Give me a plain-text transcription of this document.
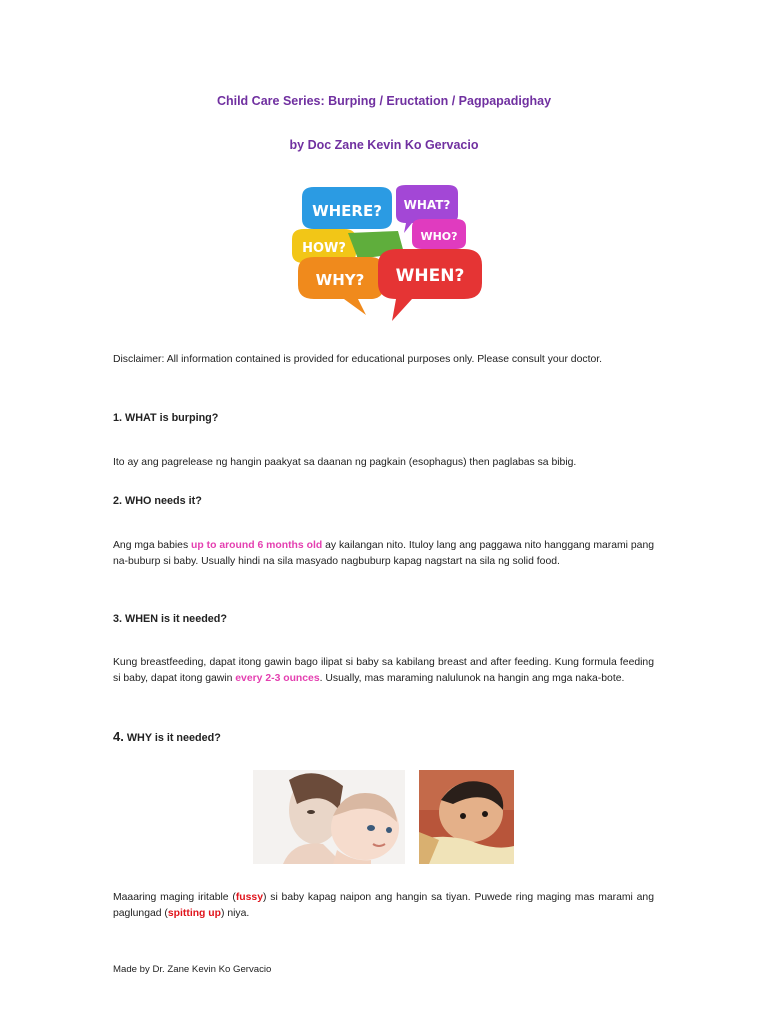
Child Care Series: Burping / Eructation / Pagpapadighay
by Doc Zane Kevin Ko Gervacio
WHERE? WHAT?
WHO?
HOW?
WHY? WHEN?
Disclaimer: All information contained is provided for educational purposes only. Please consult your doctor.
1. WHAT is burping?
Ito ay ang pagrelease ng hangin paakyat sa daanan ng pagkain (esophagus) then paglabas sa bibig.
2. WHO needs it?
Ang mga babies up to around 6 months old ay kailangan nito. Ituloy lang ang paggawa nito hanggang marami pang na-buburp si baby. Usually hindi na sila masyado nagbuburp kapag nagstart na sila ng solid food.
3. WHEN is it needed?
Kung breastfeeding, dapat itong gawin bago ilipat si baby sa kabilang breast and after feeding. Kung formula feeding si baby, dapat itong gawin every 2-3 ounces. Usually, mas maraming nalulunok na hangin ang mga naka-bote.
4. WHY is it needed?
Maaaring maging iritable (fussy) si baby kapag naipon ang hangin sa tiyan. Puwede ring maging mas marami ang paglungad (spitting up) niya.
Made by Dr. Zane Kevin Ko Gervacio
